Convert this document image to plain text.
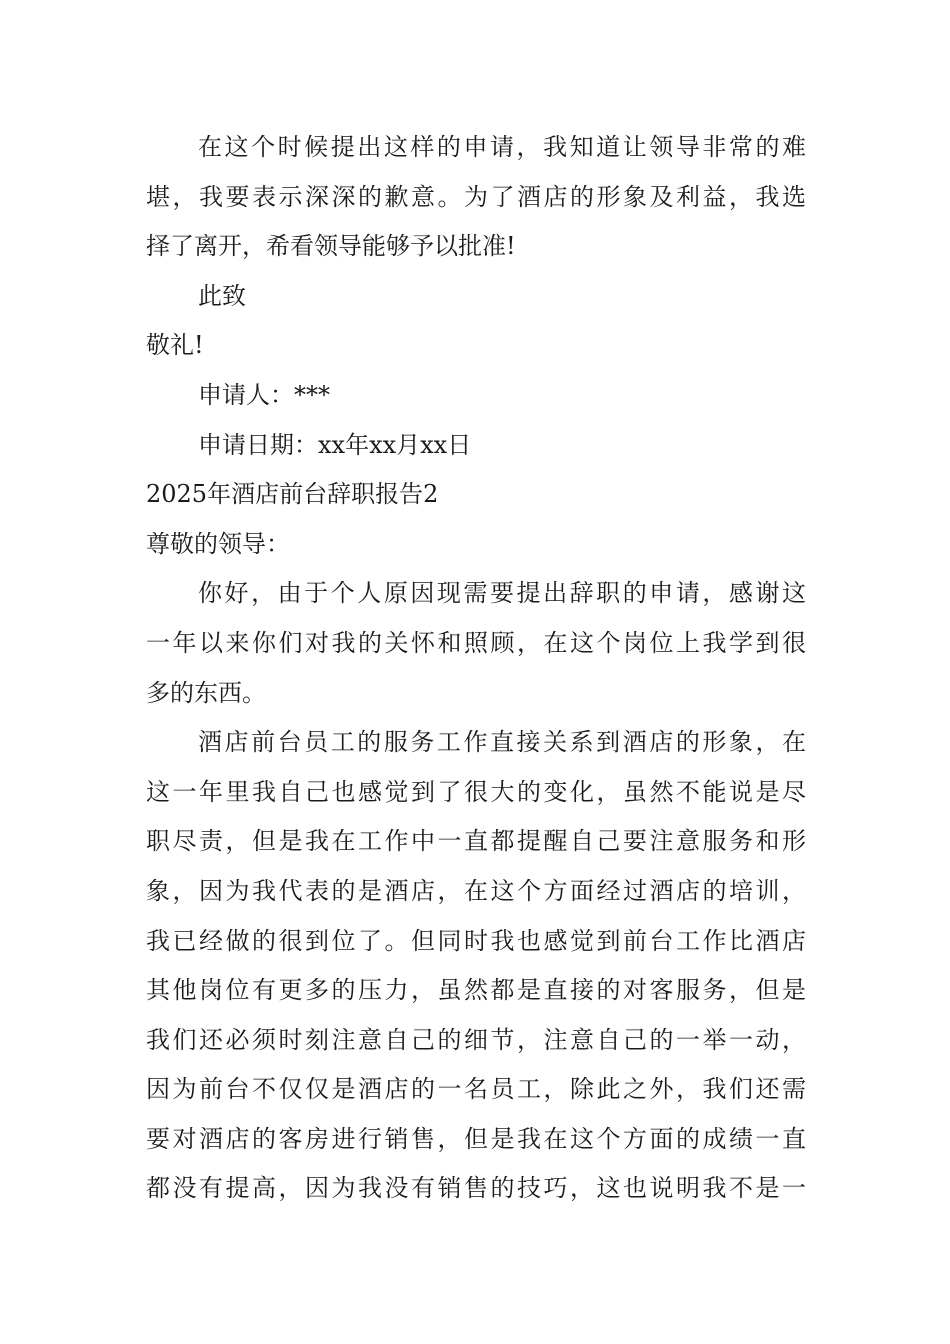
在这个时候提出这样的申请，我知道让领导非常的难
堪，我要表示深深的歉意。为了酒店的形象及利益，我选
择了离开，希看领导能够予以批准!
此致
敬礼!
申请人：***
申请日期：xx年xx月xx日
2025年酒店前台辞职报告2
尊敬的领导：
你好，由于个人原因现需要提出辞职的申请，感谢这
一年以来你们对我的关怀和照顾，在这个岗位上我学到很
多的东西。
酒店前台员工的服务工作直接关系到酒店的形象，在
这一年里我自己也感觉到了很大的变化，虽然不能说是尽
职尽责，但是我在工作中一直都提醒自己要注意服务和形
象，因为我代表的是酒店，在这个方面经过酒店的培训，
我已经做的很到位了。但同时我也感觉到前台工作比酒店
其他岗位有更多的压力，虽然都是直接的对客服务，但是
我们还必须时刻注意自己的细节，注意自己的一举一动，
因为前台不仅仅是酒店的一名员工，除此之外，我们还需
要对酒店的客房进行销售，但是我在这个方面的成绩一直
都没有提高，因为我没有销售的技巧，这也说明我不是一
